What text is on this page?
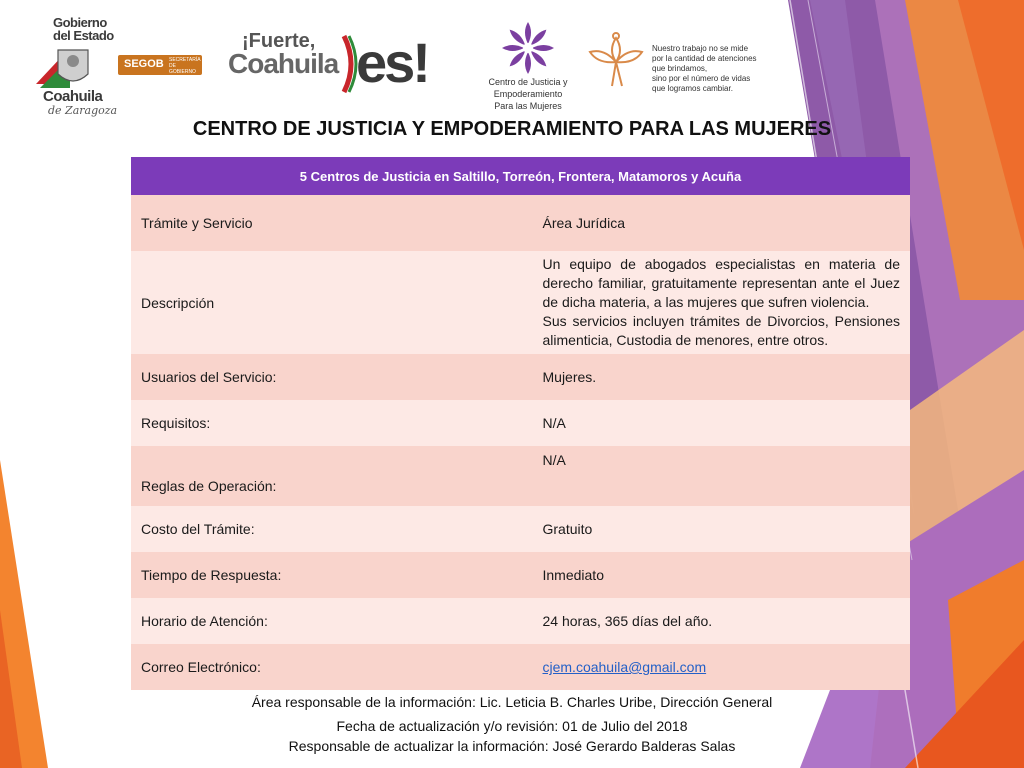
Gobierno
del Estado
SEGOB SECRETARÍA DE GOBIERNO
Coahuila
de Zaragoza
¡Fuerte,
Coahuila es!	Centro de Justicia y
Empoderamiento
Para las Mujeres
Nuestro trabajo no se mide
por la cantidad de atenciones
que brindamos,
sino por el número de vidas
que logramos cambiar.
CENTRO DE JUSTICIA Y EMPODERAMIENTO PARA LAS MUJERES
5 Centros de Justicia en Saltillo, Torreón, Frontera, Matamoros y Acuña	
Trámite y Servicio	Área Jurídica
Descripción	Un equipo de abogados especialistas en materia de derecho familiar, gratuitamente representan ante el Juez de dicha materia, a las mujeres que sufren violencia.

Sus servicios incluyen trámites de Divorcios, Pensiones alimenticia, Custodia de menores, entre otros.

Usuarios del Servicio:	Mujeres.
Requisitos:	N/A
Reglas de Operación:	N/A
Costo del Trámite:	Gratuito
Tiempo de Respuesta:	Inmediato
Horario de Atención:	24 horas, 365 días del año.
Correo Electrónico:	cjem.coahuila@gmail.com
Área responsable de la información: Lic. Leticia B. Charles Uribe, Dirección General
Fecha de actualización y/o revisión: 01 de Julio del 2018
Responsable de actualizar la información: José Gerardo Balderas Salas
